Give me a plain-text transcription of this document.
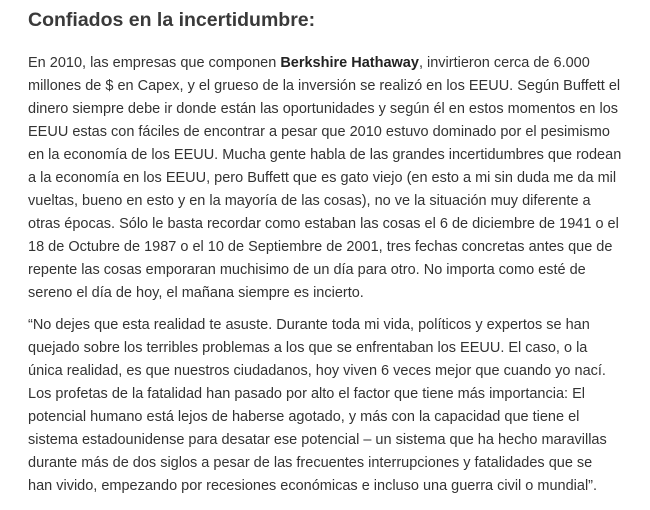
Confiados en la incertidumbre:

En 2010, las empresas que componen Berkshire Hathaway, invirtieron cerca de 6.000
millones de $ en Capex, y el grueso de la inversión se realizó en los EEUU. Según Buffett el
dinero siempre debe ir donde están las oportunidades y según él en estos momentos en los
EEUU estas con fáciles de encontrar a pesar que 2010 estuvo dominado por el pesimismo
en la economía de los EEUU. Mucha gente habla de las grandes incertidumbres que rodean
a la economía en los EEUU, pero Buffett que es gato viejo (en esto a mi sin duda me da mil
vueltas, bueno en esto y en la mayoría de las cosas), no ve la situación muy diferente a
otras épocas. Sólo le basta recordar como estaban las cosas el 6 de diciembre de 1941 o el
18 de Octubre de 1987 o el 10 de Septiembre de 2001, tres fechas concretas antes que de
repente las cosas emporaran muchisimo de un día para otro. No importa como esté de
sereno el día de hoy, el mañana siempre es incierto.

“No dejes que esta realidad te asuste. Durante toda mi vida, políticos y expertos se han
quejado sobre los terribles problemas a los que se enfrentaban los EEUU. El caso, o la
única realidad, es que nuestros ciudadanos, hoy viven 6 veces mejor que cuando yo nací.
Los profetas de la fatalidad han pasado por alto el factor que tiene más importancia: El
potencial humano está lejos de haberse agotado, y más con la capacidad que tiene el
sistema estadounidense para desatar ese potencial – un sistema que ha hecho maravillas
durante más de dos siglos a pesar de las frecuentes interrupciones y fatalidades que se
han vivido, empezando por recesiones económicas e incluso una guerra civil o mundial”.
